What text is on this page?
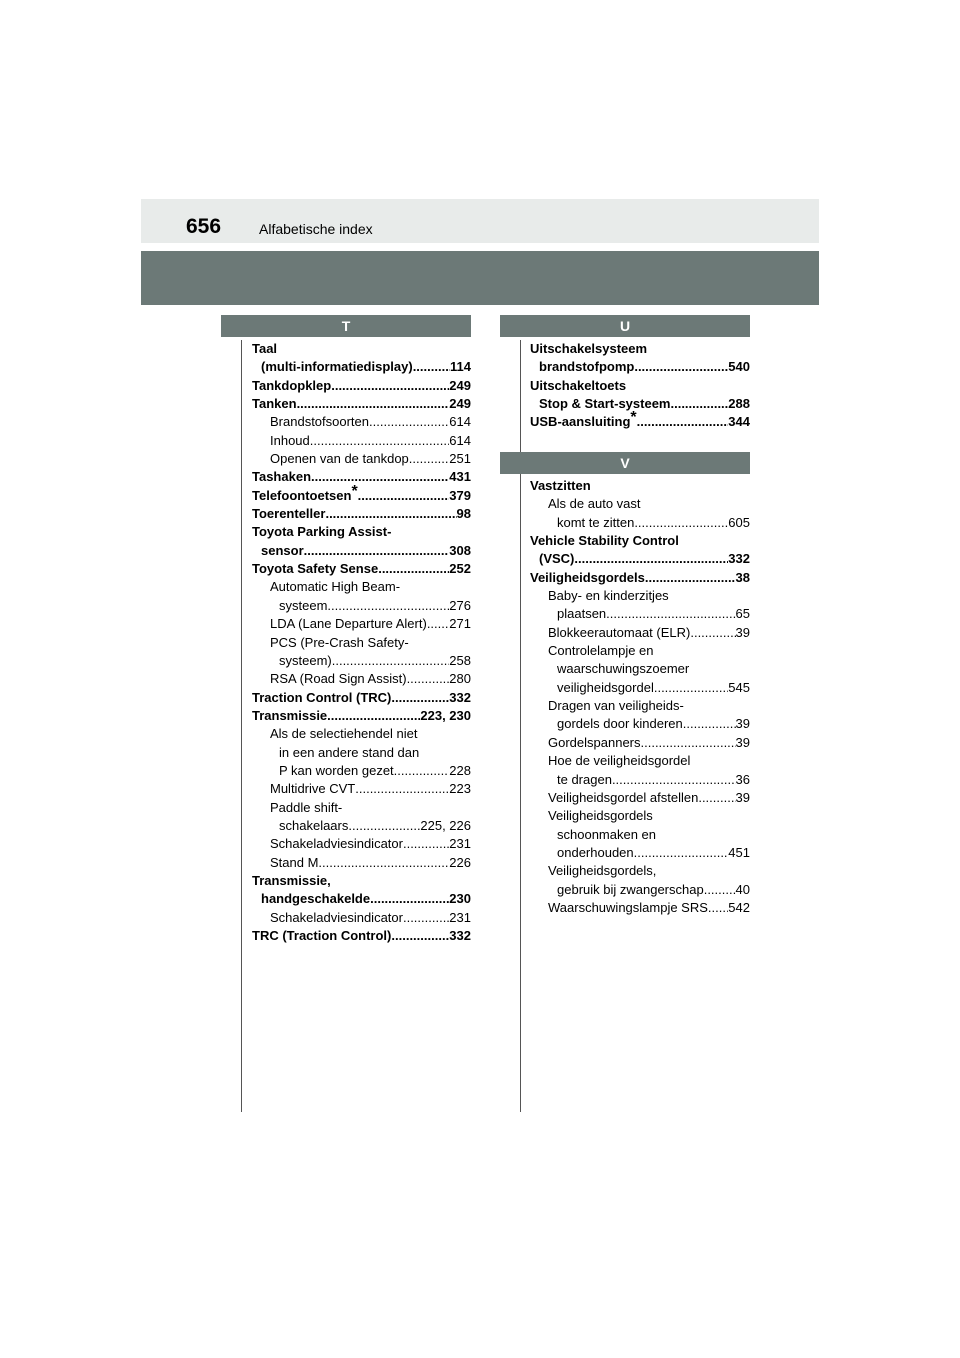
656	Alfabetische index
T
Taal
(multi-informatiedisplay) .....	114
Tankdopklep .....	249
Tanken .....	249
Brandstofsoorten .....	614
Inhoud .....	614
Openen van de tankdop .....	251
Tashaken .....	431
Telefoontoetsen * .....	379
Toerenteller .....	98
Toyota Parking Assist-
sensor .....	308
Toyota Safety Sense .....	252
Automatic High Beam-
systeem .....	276
LDA (Lane Departure Alert) ..... 271
PCS (Pre-Crash Safety-
systeem) .....	258
RSA (Road Sign Assist) .....	280
Traction Control (TRC) .....	332
Transmissie .....	223, 230
Als de selectiehendel niet
in een andere stand dan
P kan worden gezet .....	228
Multidrive CVT .....	223
Paddle shift-
schakelaars .....	225, 226
Schakeladviesindicator .....	231
Stand M .....	226
Transmissie,
handgeschakelde .....	230
Schakeladviesindicator .....	231
TRC (Traction Control) .....	332
U
Uitschakelsysteem
brandstofpomp .....	540
Uitschakeltoets
Stop & Start-systeem .....	288
USB-aansluiting * .....	344
V
Vastzitten
Als de auto vast
komt te zitten .....	605
Vehicle Stability Control
(VSC) .....	332
Veiligheidsgordels .....	38
Baby- en kinderzitjes
plaatsen .....	65
Blokkeerautomaat (ELR) .....	39
Controlelampje en
waarschuwingszoemer
veiligheidsgordel .....	545
Dragen van veiligheids-
gordels door kinderen .....	39
Gordelspanners .....	39
Hoe de veiligheidsgordel
te dragen .....	36
Veiligheidsgordel afstellen .....	39
Veiligheidsgordels
schoonmaken en
onderhouden .....	451
Veiligheidsgordels,
gebruik bij zwangerschap ..... 40
Waarschuwingslampje SRS ..... 542
